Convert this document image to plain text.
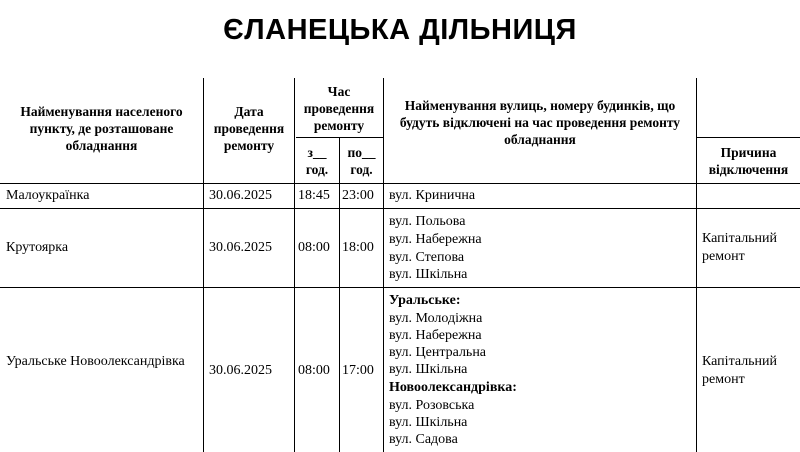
ЄЛАНЕЦЬКА ДІЛЬНИЦЯ
Найменування населеного пункту, де розташоване обладнання
Дата проведення ремонту
Час проведення ремонту
з__ год.
по__ год.
Найменування вулиць, номеру будинків, що будуть відключені на час проведення ремонту обладнання
Причина відключення
Малоукраїнка	30.06.2025 18:45 23:00 вул. Кринична
Крутоярка	30.06.2025 08:00 18:00
вул. Польова
вул. Набережна
вул. Степова
вул. Шкільна
Капітальний ремонт
Уральське Новоолександрівка
30.06.2025 08:00 17:00
Уральське:
вул. Молодіжна
вул. Набережна
вул. Центральна
вул. Шкільна
Новоолександрівка:
вул. Розовська
вул. Шкільна
вул. Садова
Капітальний ремонт
